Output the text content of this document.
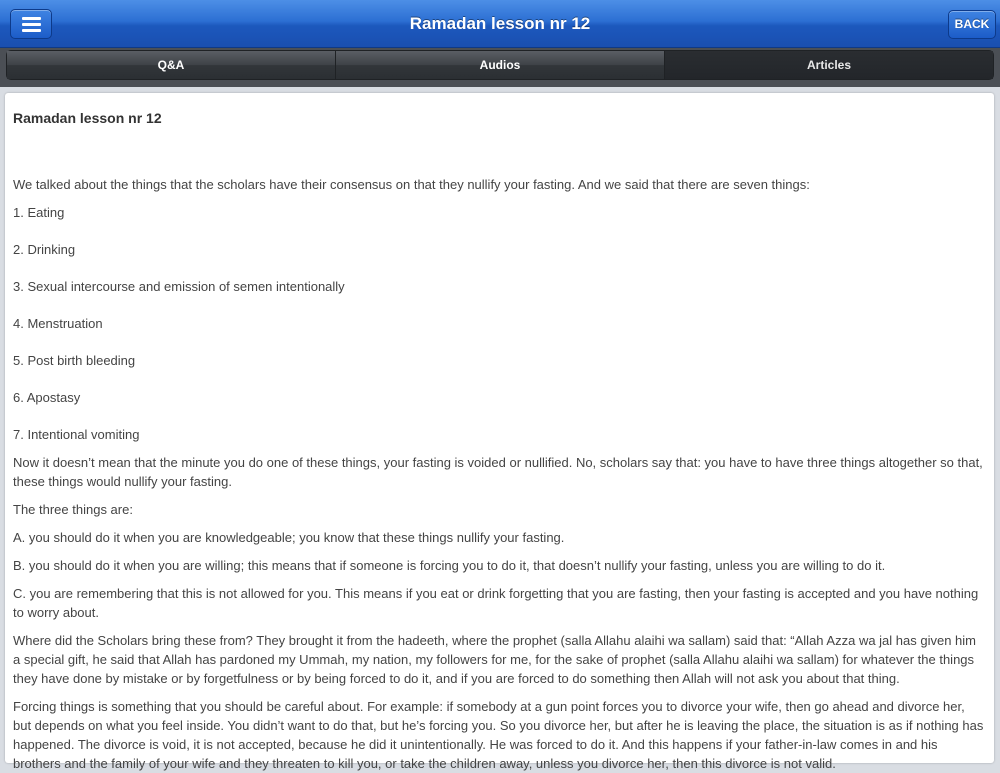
Ramadan lesson nr 12	BACK
Q&A	Audios	Articles
Ramadan lesson nr 12

We talked about the things that the scholars have their consensus on that they nullify your fasting. And we said that there are seven things:

1. Eating

2. Drinking

3. Sexual intercourse and emission of semen intentionally

4. Menstruation

5. Post birth bleeding

6. Apostasy

7. Intentional vomiting

Now it doesn’t mean that the minute you do one of these things, your fasting is voided or nullified. No, scholars say that: you have to have three things altogether so that, these things would nullify your fasting.

The three things are:

A. you should do it when you are knowledgeable; you know that these things nullify your fasting.

B. you should do it when you are willing; this means that if someone is forcing you to do it, that doesn’t nullify your fasting, unless you are willing to do it.

C. you are remembering that this is not allowed for you. This means if you eat or drink forgetting that you are fasting, then your fasting is accepted and you have nothing to worry about.

Where did the Scholars bring these from? They brought it from the hadeeth, where the prophet (salla Allahu alaihi wa sallam) said that: “Allah Azza wa jal has given him a special gift, he said that Allah has pardoned my Ummah, my nation, my followers for me, for the sake of prophet (salla Allahu alaihi wa sallam) for whatever the things they have done by mistake or by forgetfulness or by being forced to do it, and if you are forced to do something then Allah will not ask you about that thing.

Forcing things is something that you should be careful about. For example: if somebody at a gun point forces you to divorce your wife, then go ahead and divorce her, but depends on what you feel inside. You didn’t want to do that, but he’s forcing you. So you divorce her, but after he is leaving the place, the situation is as if nothing has happened. The divorce is void, it is not accepted, because he did it unintentionally. He was forced to do it. And this happens if your father-in-law comes in and his brothers and the family of your wife and they threaten to kill you, or take the children away, unless you divorce her, then this divorce is not valid.
